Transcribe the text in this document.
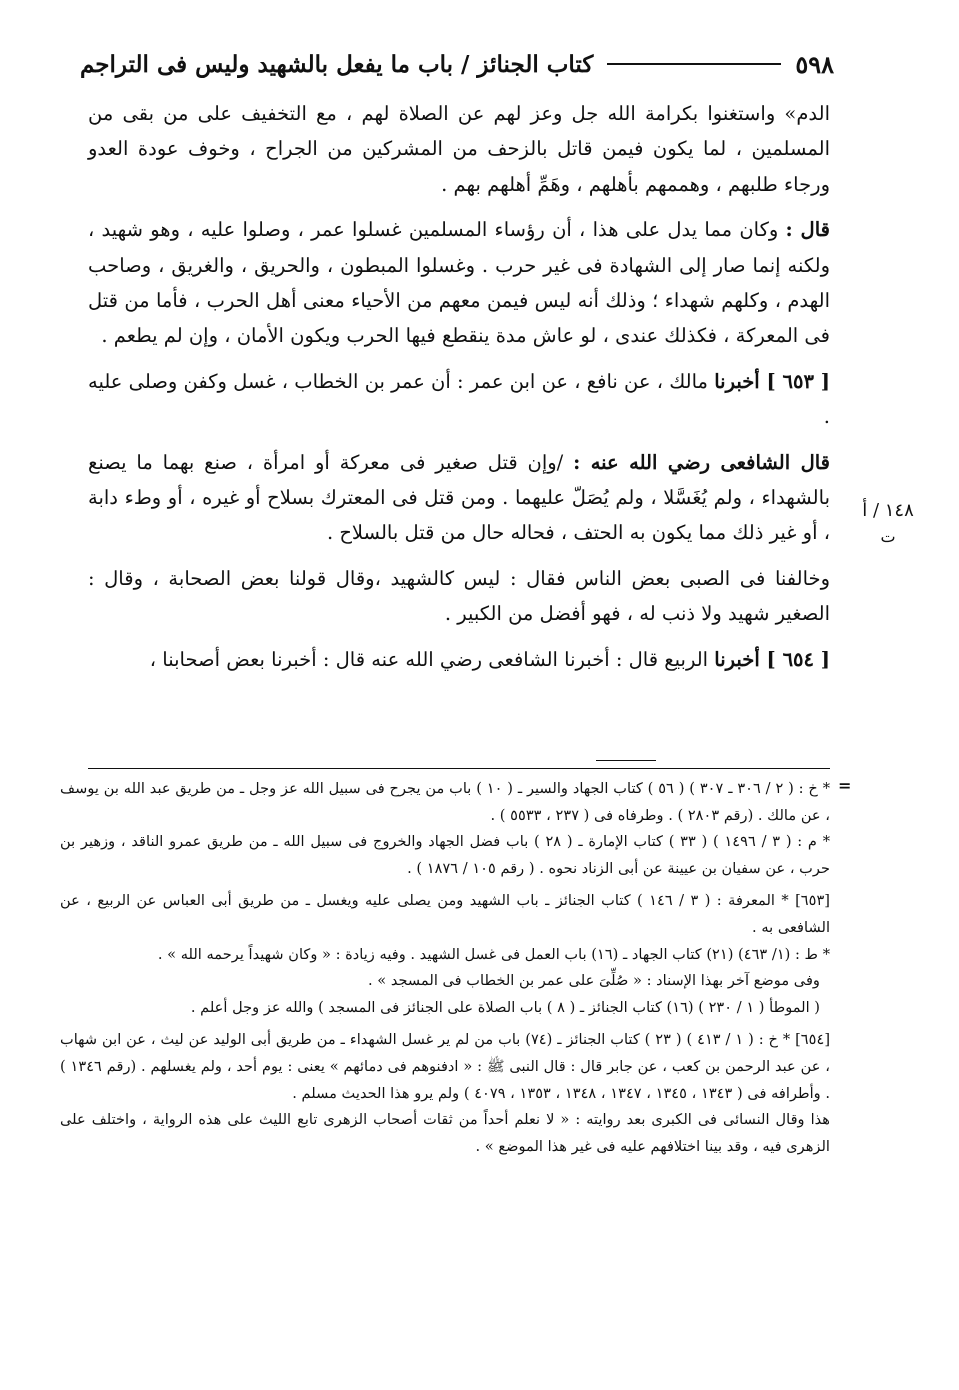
٥٩٨
كتاب الجنائز / باب ما يفعل بالشهيد وليس فى التراجم

الدم» واستغنوا بكرامة الله جل وعز لهم عن الصلاة لهم ، مع التخفيف على من بقى من المسلمين ، لما يكون فيمن قاتل بالزحف من المشركين من الجراح ، وخوف عودة العدو ورجاء طلبهم ، وهممهم بأهلهم ، وهَمِّ أهلهم بهم .

قال : وكان مما يدل على هذا ، أن رؤساء المسلمين غسلوا عمر ، وصلوا عليه ، وهو شهيد ، ولكنه إنما صار إلى الشهادة فى غير حرب . وغسلوا المبطون ، والحريق ، والغريق ، وصاحب الهدم ، وكلهم شهداء ؛ وذلك أنه ليس فيمن معهم من الأحياء معنى أهل الحرب ، فأما من قتل فى المعركة ، فكذلك عندى ، لو عاش مدة ينقطع فيها الحرب ويكون الأمان ، وإن لم يطعم .

[ ٦٥٣ ] أخبرنا مالك ، عن نافع ، عن ابن عمر : أن عمر بن الخطاب ، غسل وكفن وصلى عليه .

قال الشافعى رضي الله عنه : /وإن قتل صغير فى معركة أو امرأة ، صنع بهما ما يصنع بالشهداء ، ولم يُغَسَّلا ، ولم يُصَلّ عليهما . ومن قتل فى المعترك بسلاح أو غيره ، أو وطء دابة ، أو غير ذلك مما يكون به الحتف ، فحاله حال من قتل بالسلاح .

وخالفنا فى الصبى بعض الناس فقال : ليس كالشهيد ،وقال قولنا بعض الصحابة ، وقال : الصغير شهيد ولا ذنب له ، فهو أفضل من الكبير .

[ ٦٥٤ ] أخبرنا الربيع قال : أخبرنا الشافعى رضي الله عنه قال : أخبرنا بعض أصحابنا ،

١٤٨ / أ
ت
=

* خ : ( ٢ / ٣٠٦ ـ ٣٠٧ ) ( ٥٦ ) كتاب الجهاد والسير ـ ( ١٠ ) باب من يجرح فى سبيل الله عز وجل ـ من طريق عبد الله بن يوسف ، عن مالك . (رقم ٢٨٠٣ ) . وطرفاه فى ( ٢٣٧ ، ٥٥٣٣ ) .

* م : ( ٣ / ١٤٩٦ ) ( ٣٣ ) كتاب الإمارة ـ ( ٢٨ ) باب فضل الجهاد والخروج فى سبيل الله ـ من طريق عمرو الناقد ، وزهير بن حرب ، عن سفيان بن عيينة عن أبى الزناد نحوه . ( رقم ١٠٥ / ١٨٧٦ ) .

[٦٥٣] * المعرفة : ( ٣ / ١٤٦ ) كتاب الجنائز ـ باب الشهيد ومن يصلى عليه ويغسل ـ من طريق أبى العباس عن الربيع ، عن الشافعى به .

* ط : (١/ ٤٦٣) (٢١) كتاب الجهاد ـ (١٦) باب العمل فى غسل الشهيد . وفيه زيادة : « وكان شهيداً يرحمه الله » .

وفى موضع آخر بهذا الإسناد : « صُلِّىَ على عمر بن الخطاب فى المسجد » .

( الموطأ ( ١ / ٢٣٠ ) (١٦) كتاب الجنائز ـ ( ٨ ) باب الصلاة على الجنائز فى المسجد ) والله عز وجل أعلم .

[٦٥٤] * خ : ( ١ / ٤١٣ ) ( ٢٣ ) كتاب الجنائز ـ (٧٤) باب من لم ير غسل الشهداء ـ من طريق أبى الوليد عن ليث ، عن ابن شهاب ، عن عبد الرحمن بن كعب ، عن جابر قال : قال النبى ﷺ : « ادفنوهم فى دمائهم » يعنى : يوم أحد ، ولم يغسلهم . (رقم ١٣٤٦ ) . وأطرافه فى ( ١٣٤٣ ، ١٣٤٥ ، ١٣٤٧ ، ١٣٤٨ ، ١٣٥٣ ، ٤٠٧٩ ) ولم يرو هذا الحديث مسلم .

هذا وقال النسائى فى الكبرى بعد روايته : « لا نعلم أحداً من ثقات أصحاب الزهرى تابع الليث على هذه الرواية ، واختلف على الزهرى فيه ، وقد بينا اختلافهم عليه فى غير هذا الموضع » .
